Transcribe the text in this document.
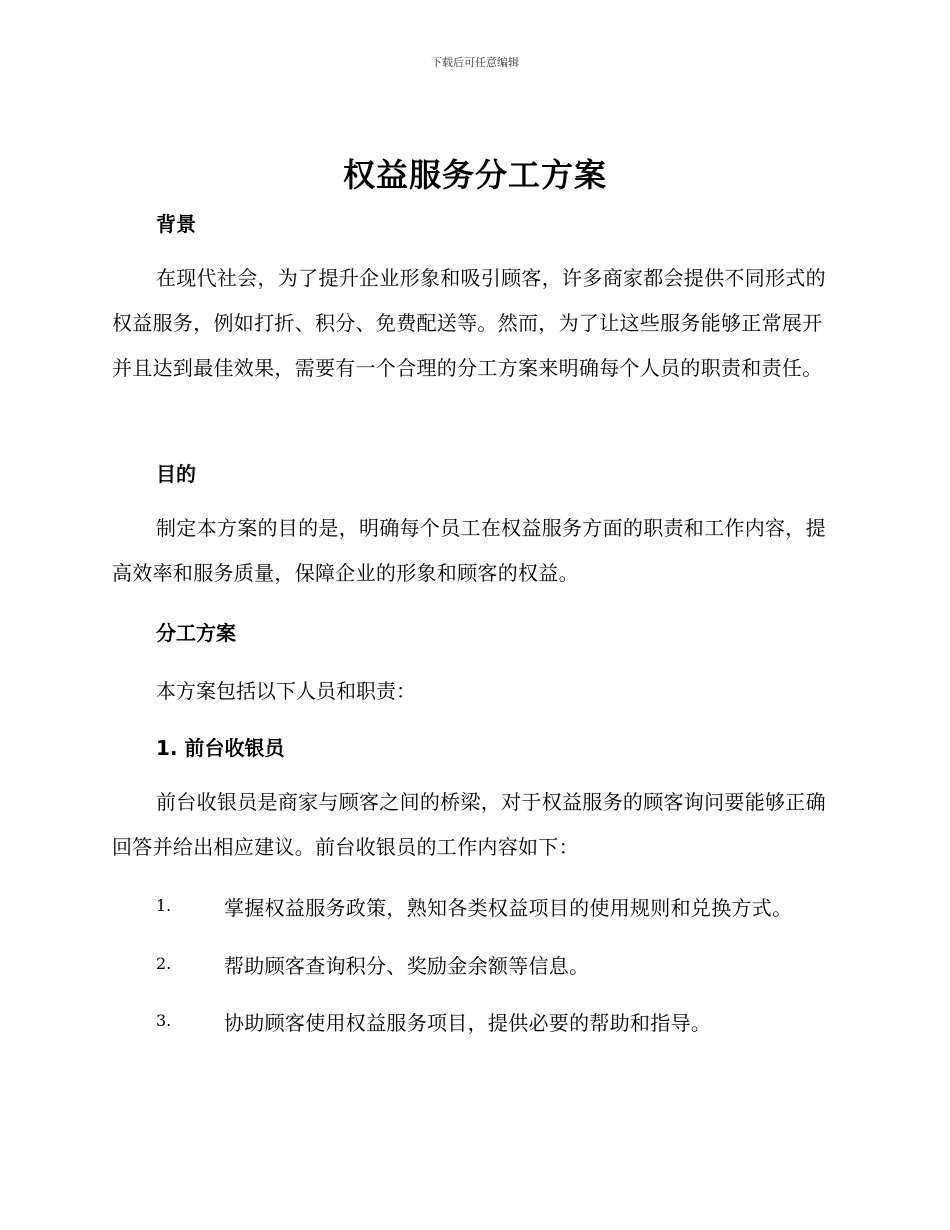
下载后可任意编辑
权益服务分工方案
背景
在现代社会，为了提升企业形象和吸引顾客，许多商家都会提供不同形式的权益服务，例如打折、积分、免费配送等。然而，为了让这些服务能够正常展开并且达到最佳效果，需要有一个合理的分工方案来明确每个人员的职责和责任。
目的
制定本方案的目的是，明确每个员工在权益服务方面的职责和工作内容，提高效率和服务质量，保障企业的形象和顾客的权益。
分工方案
本方案包括以下人员和职责：
1. 前台收银员
前台收银员是商家与顾客之间的桥梁，对于权益服务的顾客询问要能够正确回答并给出相应建议。前台收银员的工作内容如下：
1.	掌握权益服务政策，熟知各类权益项目的使用规则和兑换方式。
2.	帮助顾客查询积分、奖励金余额等信息。
3.	协助顾客使用权益服务项目，提供必要的帮助和指导。
